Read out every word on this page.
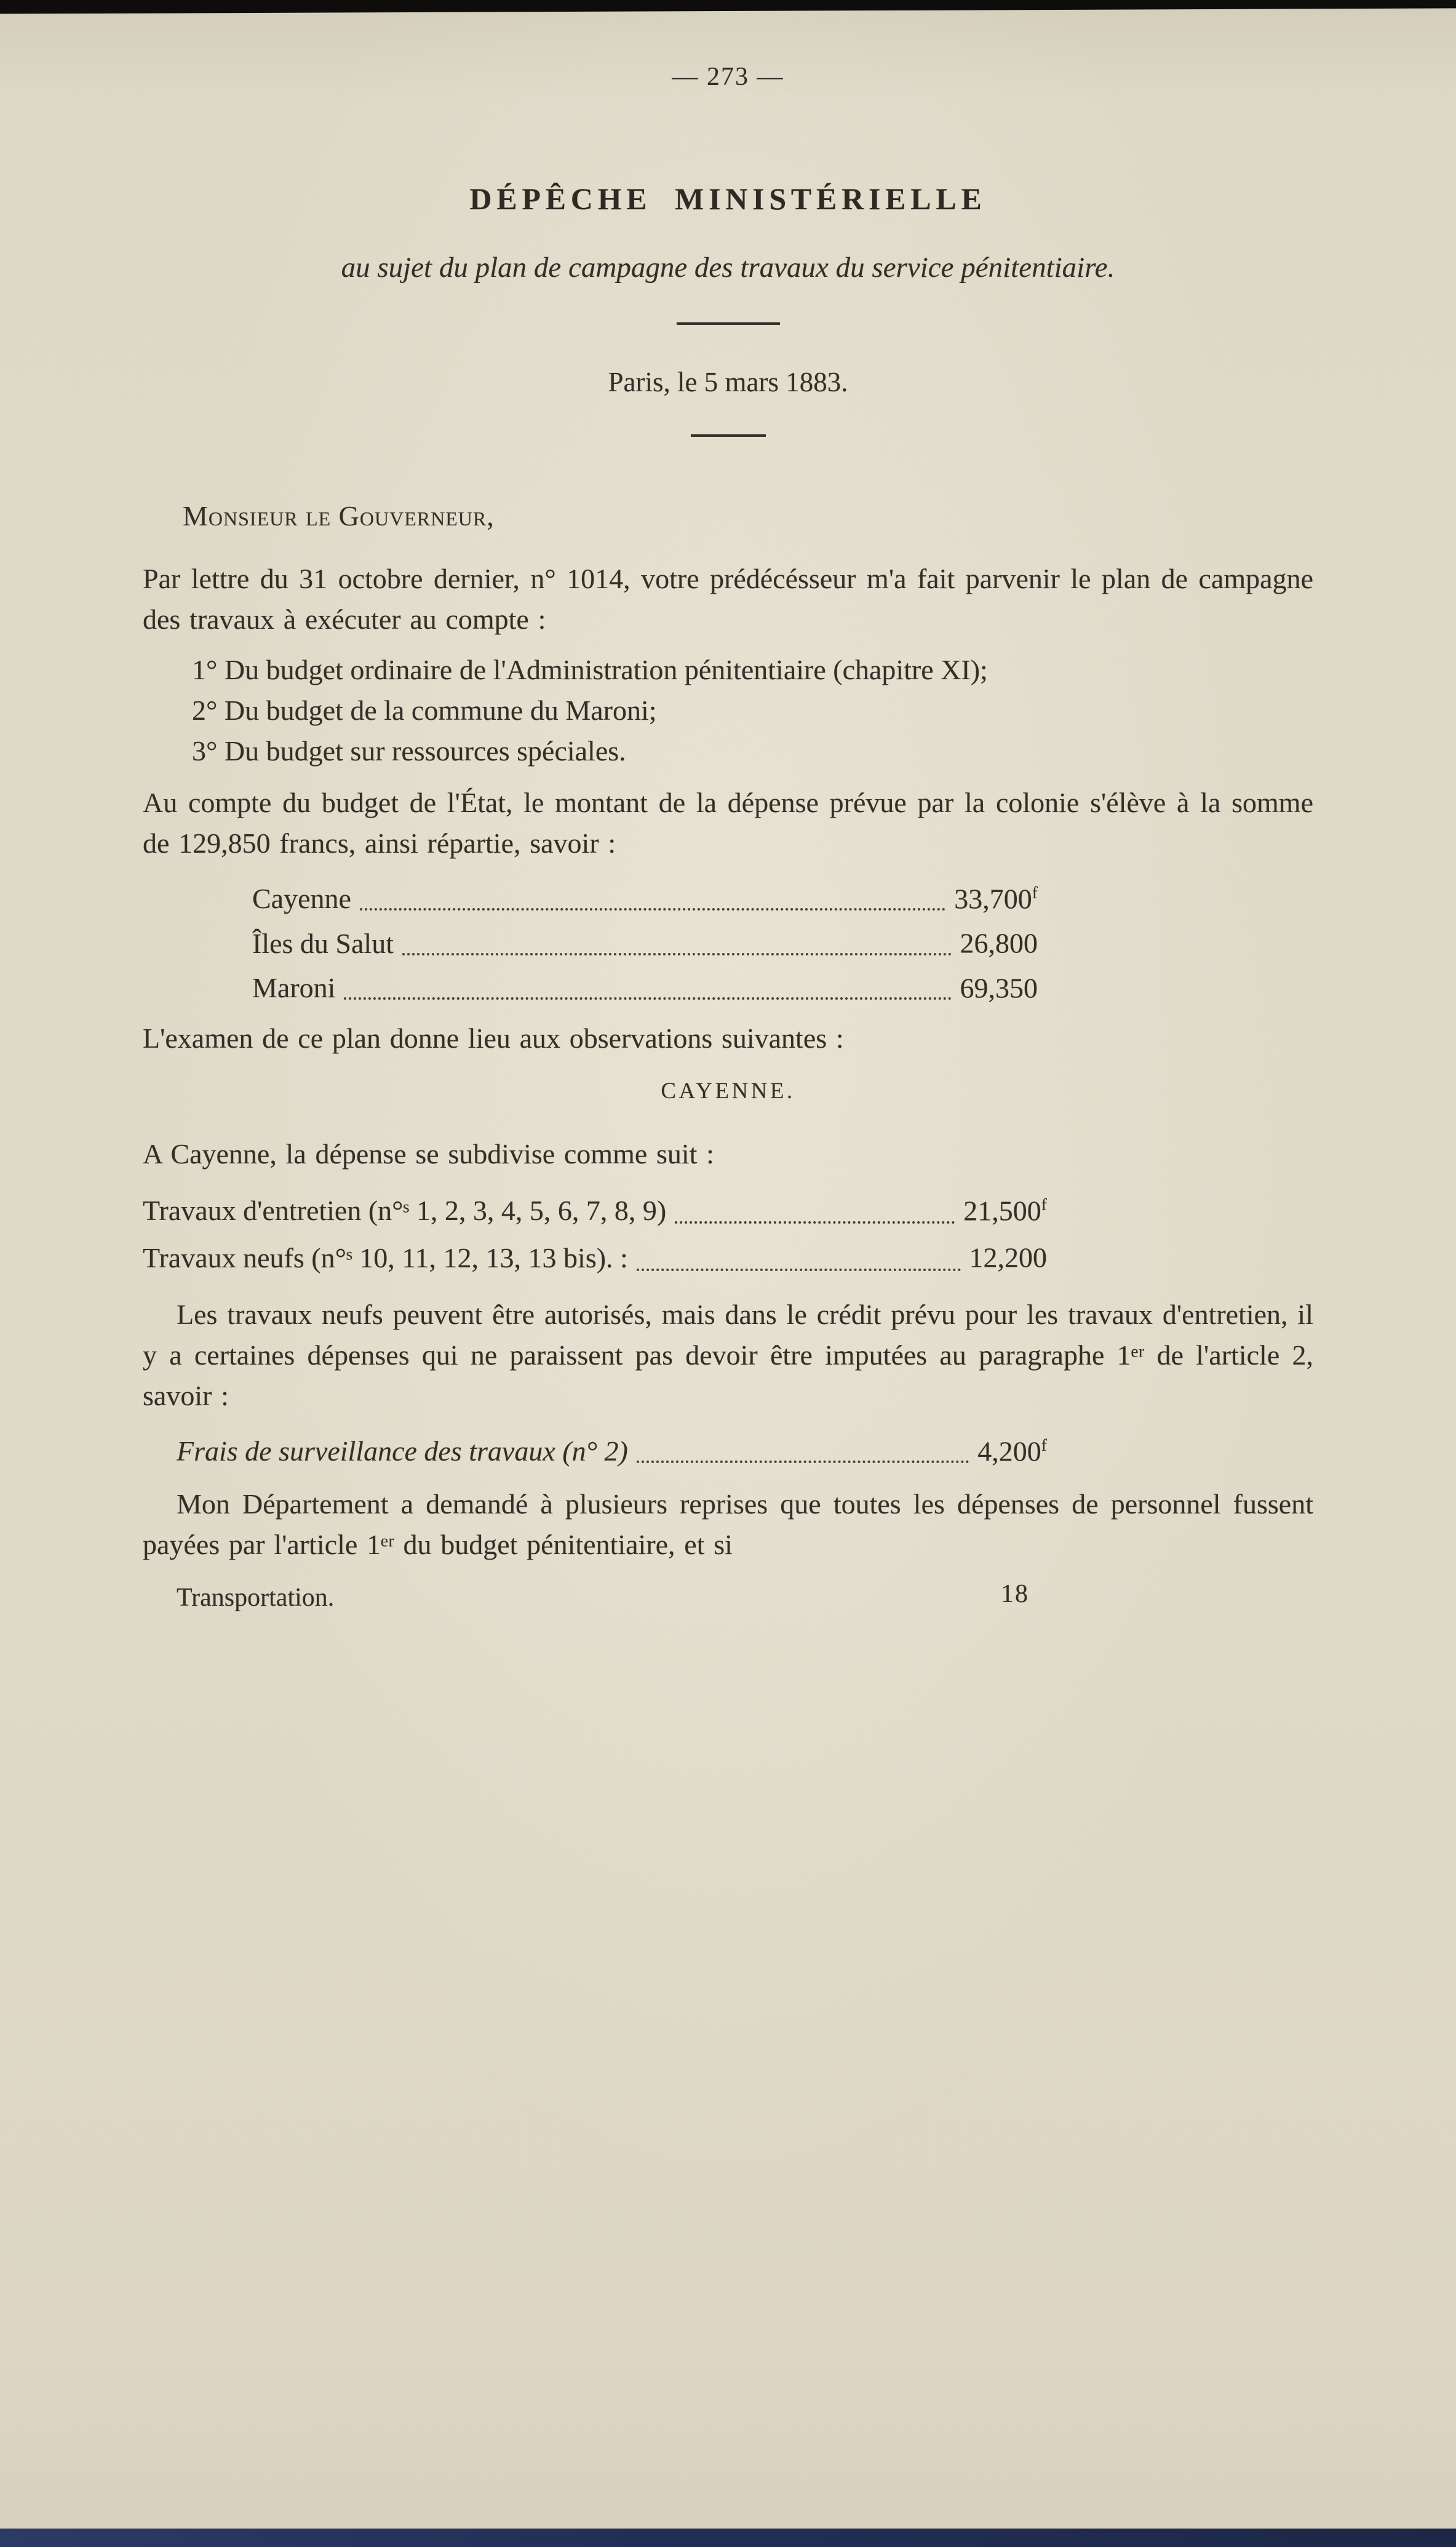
— 273 —
DÉPÊCHE MINISTÉRIELLE
au sujet du plan de campagne des travaux du service pénitentiaire.
Paris, le 5 mars 1883.
Monsieur le Gouverneur,

Par lettre du 31 octobre dernier, n° 1014, votre prédécésseur m'a fait parvenir le plan de campagne des travaux à exécuter au compte :

1° Du budget ordinaire de l'Administration pénitentiaire (chapitre XI);
2° Du budget de la commune du Maroni;
3° Du budget sur ressources spéciales.

Au compte du budget de l'État, le montant de la dépense prévue par la colonie s'élève à la somme de 129,850 francs, ainsi répartie, savoir :

Cayenne	33,700$^f$
Îles du Salut	26,800
Maroni	69,350

L'examen de ce plan donne lieu aux observations suivantes :

CAYENNE.

A Cayenne, la dépense se subdivise comme suit :

Travaux d'entretien (n°ˢ 1, 2, 3, 4, 5, 6, 7, 8, 9)	21,500$^f$
Travaux neufs (n°ˢ 10, 11, 12, 13, 13 bis). :	12,200

Les travaux neufs peuvent être autorisés, mais dans le crédit prévu pour les travaux d'entretien, il y a certaines dépenses qui ne paraissent pas devoir être imputées au paragraphe 1ᵉʳ de l'article 2, savoir :

Frais de surveillance des travaux (n° 2)	4,200$^f$

Mon Département a demandé à plusieurs reprises que toutes les dépenses de personnel fussent payées par l'article 1ᵉʳ du budget pénitentiaire, et si

Transportation.	18
